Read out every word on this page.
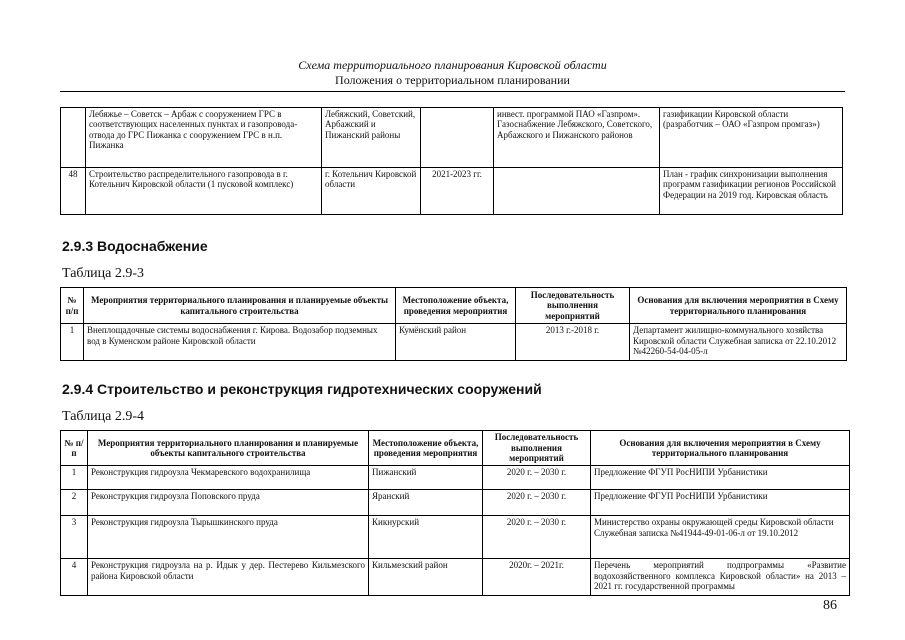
Схема территориального планирования Кировской области
Положения о территориальном планировании
	Лебяжье – Советск – Арбаж с сооружением ГРС в соответствующих населенных пунктах и газопровода-отвода до ГРС Пижанка с сооружением ГРС в н.п. Пижанка	Лебяжский, Советский, Арбажский и Пижанский районы		инвест. программой ПАО «Газпром». Газоснабжение Лебяжского, Советского, Арбажского и Пижанского районов	газификации Кировской области (разработчик – ОАО «Газпром промгаз»)
48	Строительство распределительного газопровода в г. Котельнич Кировской области (1 пусковой комплекс)	г. Котельнич Кировской области	2021-2023 гг.		План - график синхронизации выполнения программ газификации регионов Российской Федерации на 2019 год. Кировская область
2.9.3 Водоснабжение
Таблица 2.9-3
№ п/п	Мероприятия территориального планирования и планируемые объекты капитального строительства	Местоположение объекта, проведения мероприятия	Последовательность выполнения мероприятий	Основания для включения мероприятия в Схему территориального планирования
1	Внеплощадочные системы водоснабжения г. Кирова. Водозабор подземных вод в Куменском районе Кировской области	Кумёнский район	2013 г.-2018 г.	Департамент жилищно-коммунального хозяйства Кировской области Служебная записка от 22.10.2012 №42260-54-04-05-л
2.9.4 Строительство и реконструкция гидротехнических сооружений
Таблица 2.9-4
№ п/п	Мероприятия территориального планирования и планируемые объекты капитального строительства	Местоположение объекта, проведения мероприятия	Последовательность выполнения мероприятий	Основания для включения мероприятия в Схему территориального планирования
1	Реконструкция гидроузла Чекмаревского водохранилища	Пижанский	2020 г. – 2030 г.	Предложение ФГУП РосНИПИ Урбанистики
2	Реконструкция гидроузла Поповского пруда	Яранский	2020 г. – 2030 г.	Предложение ФГУП РосНИПИ Урбанистики
3	Реконструкция гидроузла Тырышкинского пруда	Кикнурский	2020 г. – 2030 г.	Министерство охраны окружающей среды Кировской области Служебная записка №41944-49-01-06-л от 19.10.2012
4	Реконструкция гидроузла на р. Идык у дер. Пестерево Кильмезского района Кировской области	Кильмезский район	2020г. – 2021г.	Перечень мероприятий подпрограммы «Развитие водохозяйственного комплекса Кировской области» на 2013 – 2021 гг. государственной программы
86
